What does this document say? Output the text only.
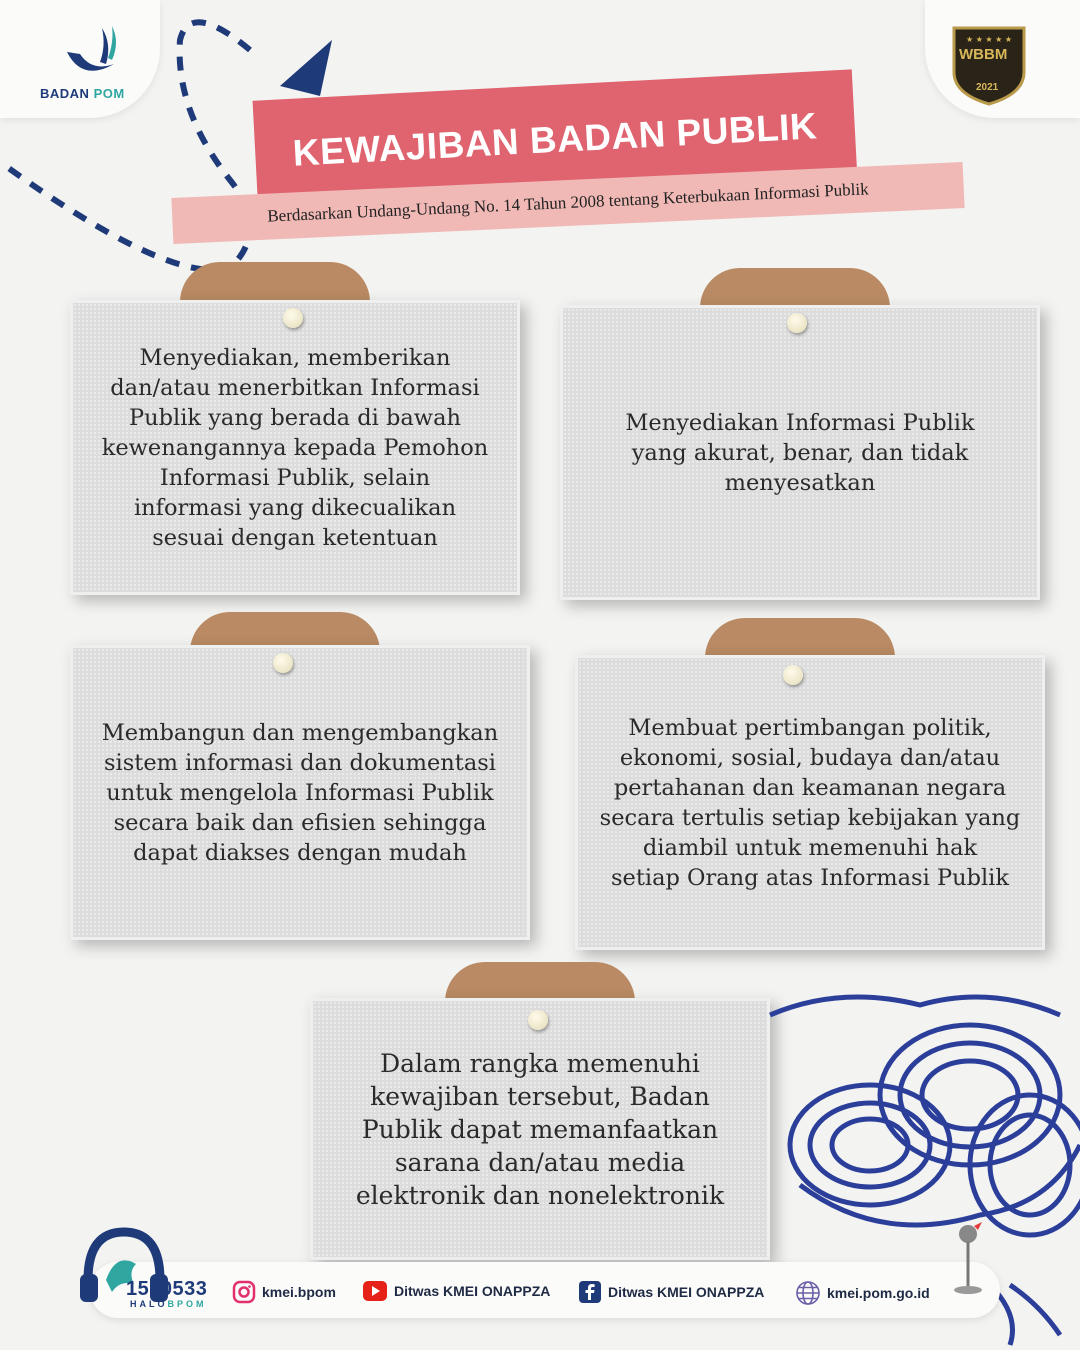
BADAN POM
★ ★ ★ ★ ★
WBBM
2021
KEWAJIBAN BADAN PUBLIK
Berdasarkan Undang-Undang No. 14 Tahun 2008 tentang Keterbukaan Informasi Publik
Menyediakan, memberikan
dan/atau menerbitkan Informasi
Publik yang berada di bawah
kewenangannya kepada Pemohon
Informasi Publik, selain
informasi yang dikecualikan
sesuai dengan ketentuan
Menyediakan Informasi Publik
yang akurat, benar, dan tidak
menyesatkan
Membangun dan mengembangkan
sistem informasi dan dokumentasi
untuk mengelola Informasi Publik
secara baik dan efisien sehingga
dapat diakses dengan mudah
Membuat pertimbangan politik,
ekonomi, sosial, budaya dan/atau
pertahanan dan keamanan negara
secara tertulis setiap kebijakan yang
diambil untuk memenuhi hak
setiap Orang atas Informasi Publik
Dalam rangka memenuhi
kewajiban tersebut, Badan
Publik dapat memanfaatkan
sarana dan/atau media
elektronik dan nonelektronik
1500533
HALOBPOM
kmei.bpom	Ditwas KMEI ONAPPZA	Ditwas KMEI ONAPPZA	kmei.pom.go.id
